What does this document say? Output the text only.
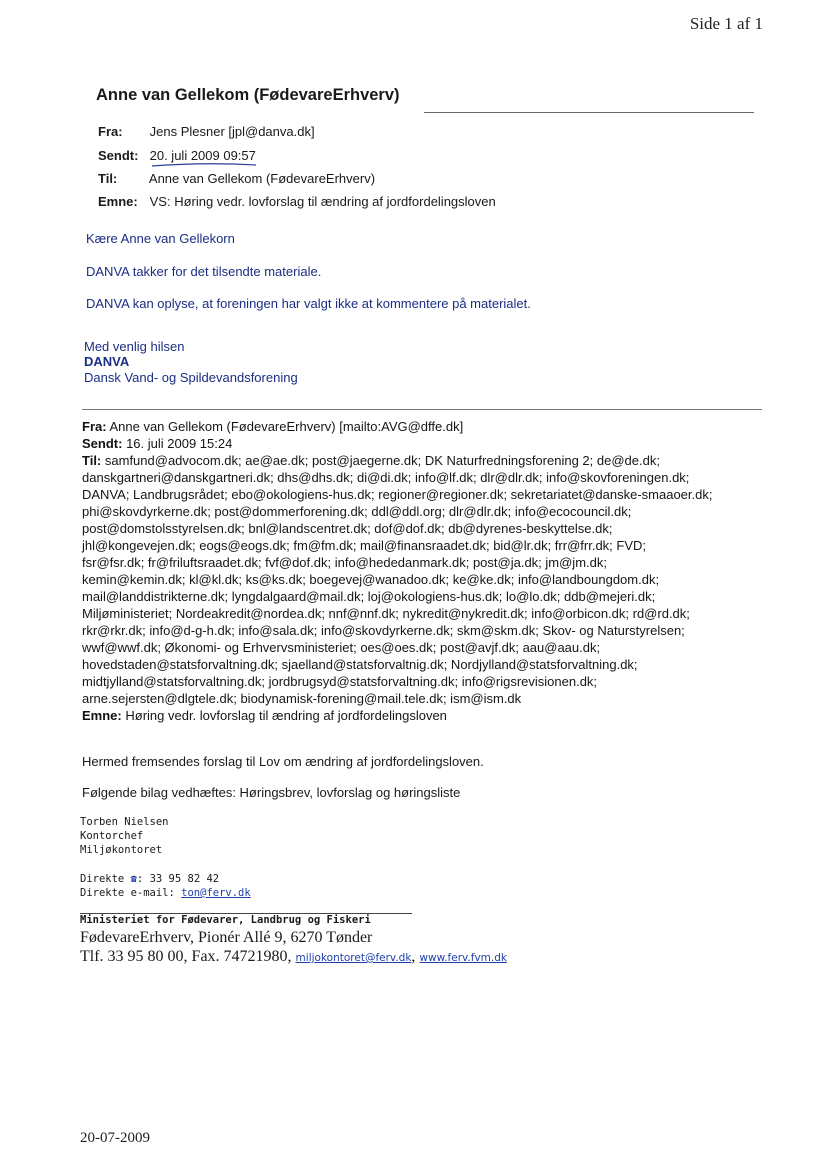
Side 1 af 1
Anne van Gellekom (FødevareErhverv)
Fra: Jens Plesner [jpl@danva.dk]
Sendt: 20. juli 2009 09:57
Til: Anne van Gellekom (FødevareErhverv)
Emne: VS: Høring vedr. lovforslag til ændring af jordfordelingsloven
Kære Anne van Gellekorn
DANVA takker for det tilsendte materiale.
DANVA kan oplyse, at foreningen har valgt ikke at kommentere på materialet.
Med venlig hilsen
DANVA
Dansk Vand- og Spildevandsforening
Fra: Anne van Gellekom (FødevareErhverv) [mailto:AVG@dffe.dk]
Sendt: 16. juli 2009 15:24
Til: samfund@advocom.dk; ae@ae.dk; post@jaegerne.dk; DK Naturfredningsforening 2; de@de.dk;
danskgartneri@danskgartneri.dk; dhs@dhs.dk; di@di.dk; info@lf.dk; dlr@dlr.dk; info@skovforeningen.dk;
DANVA; Landbrugsrådet; ebo@okologiens-hus.dk; regioner@regioner.dk; sekretariatet@danske-smaaoer.dk;
phi@skovdyrkerne.dk; post@dommerforening.dk; ddl@ddl.org; dlr@dlr.dk; info@ecocouncil.dk;
post@domstolsstyrelsen.dk; bnl@landscentret.dk; dof@dof.dk; db@dyrenes-beskyttelse.dk;
jhl@kongevejen.dk; eogs@eogs.dk; fm@fm.dk; mail@finansraadet.dk; bid@lr.dk; frr@frr.dk; FVD;
fsr@fsr.dk; fr@friluftsraadet.dk; fvf@dof.dk; info@hededanmark.dk; post@ja.dk; jm@jm.dk;
kemin@kemin.dk; kl@kl.dk; ks@ks.dk; boegevej@wanadoo.dk; ke@ke.dk; info@landboungdom.dk;
mail@landdistrikterne.dk; lyngdalgaard@mail.dk; loj@okologiens-hus.dk; lo@lo.dk; ddb@mejeri.dk;
Miljøministeriet; Nordeakredit@nordea.dk; nnf@nnf.dk; nykredit@nykredit.dk; info@orbicon.dk; rd@rd.dk;
rkr@rkr.dk; info@d-g-h.dk; info@sala.dk; info@skovdyrkerne.dk; skm@skm.dk; Skov- og Naturstyrelsen;
wwf@wwf.dk; Økonomi- og Erhvervsministeriet; oes@oes.dk; post@avjf.dk; aau@aau.dk;
hovedstaden@statsforvaltning.dk; sjaelland@statsforvaltnig.dk; Nordjylland@statsforvaltning.dk;
midtjylland@statsforvaltning.dk; jordbrugsyd@statsforvaltning.dk; info@rigsrevisionen.dk;
arne.sejersten@dlgtele.dk; biodynamisk-forening@mail.tele.dk; ism@ism.dk
Emne: Høring vedr. lovforslag til ændring af jordfordelingsloven
Hermed fremsendes forslag til Lov om ændring af jordfordelingsloven.
Følgende bilag vedhæftes: Høringsbrev, lovforslag og høringsliste
Torben Nielsen
Kontorchef
Miljøkontoret
Direkte ☎: 33 95 82 42
Direkte e-mail: ton@ferv.dk
Ministeriet for Fødevarer, Landbrug og Fiskeri
FødevareErhverv, Pionér Allé 9, 6270 Tønder
Tlf. 33 95 80 00, Fax. 74721980, miljokontoret@ferv.dk, www.ferv.fvm.dk
20-07-2009
